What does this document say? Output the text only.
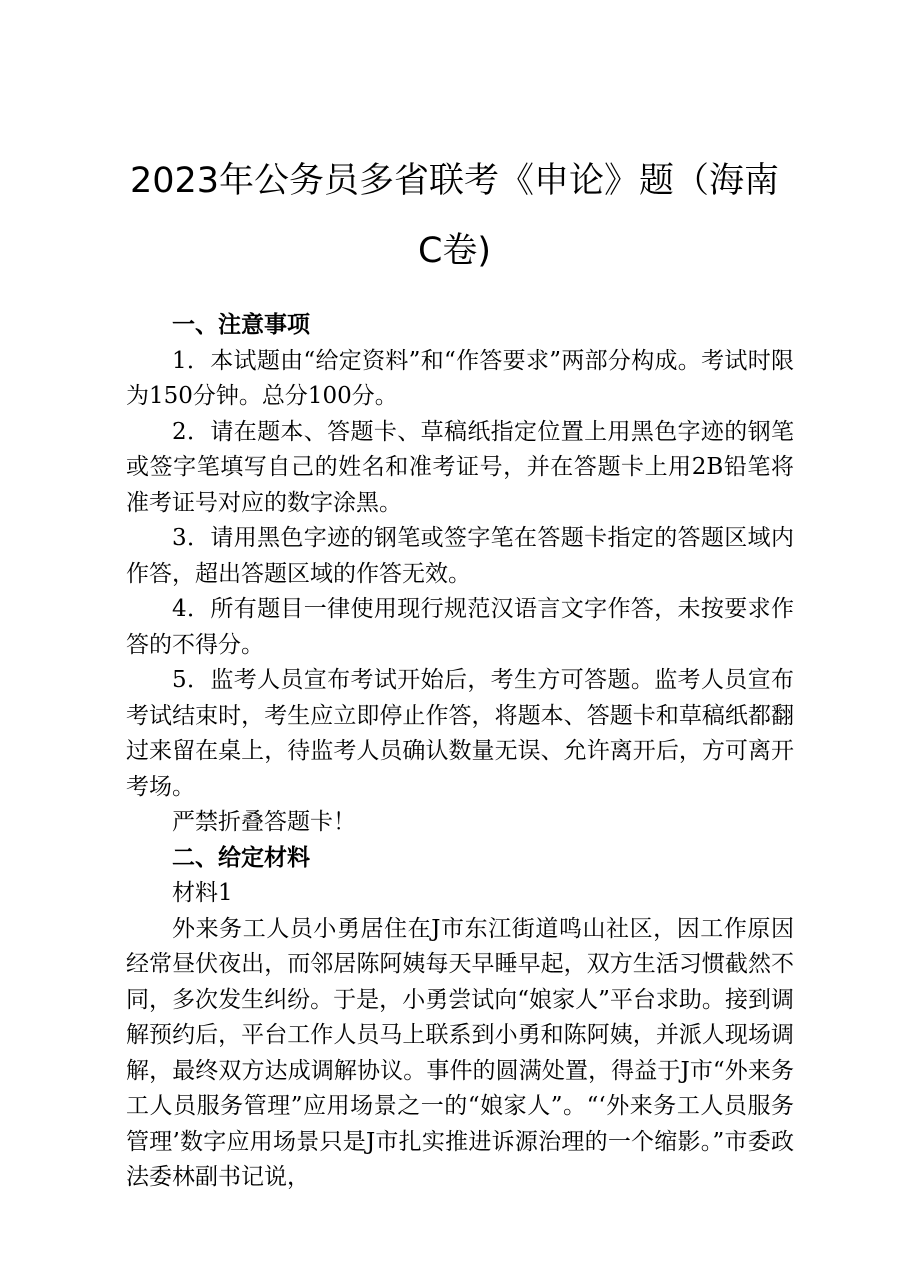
2023年公务员多省联考《申论》题（海南C卷)

一、注意事项

1．本试题由“给定资料”和“作答要求”两部分构成。考试时限为150分钟。总分100分。

2．请在题本、答题卡、草稿纸指定位置上用黑色字迹的钢笔或签字笔填写自己的姓名和准考证号，并在答题卡上用2B铅笔将准考证号对应的数字涂黑。

3．请用黑色字迹的钢笔或签字笔在答题卡指定的答题区域内作答，超出答题区域的作答无效。

4．所有题目一律使用现行规范汉语言文字作答，未按要求作答的不得分。

5．监考人员宣布考试开始后，考生方可答题。监考人员宣布考试结束时，考生应立即停止作答，将题本、答题卡和草稿纸都翻过来留在桌上，待监考人员确认数量无误、允许离开后，方可离开考场。

严禁折叠答题卡！

二、给定材料

材料1

外来务工人员小勇居住在J市东江街道鸣山社区，因工作原因经常昼伏夜出，而邻居陈阿姨每天早睡早起，双方生活习惯截然不同，多次发生纠纷。于是，小勇尝试向“娘家人”平台求助。接到调解预约后，平台工作人员马上联系到小勇和陈阿姨，并派人现场调解，最终双方达成调解协议。事件的圆满处置，得益于J市“外来务工人员服务管理”应用场景之一的“娘家人”。“‘外来务工人员服务管理’数字应用场景只是J市扎实推进诉源治理的一个缩影。”市委政法委林副书记说，
